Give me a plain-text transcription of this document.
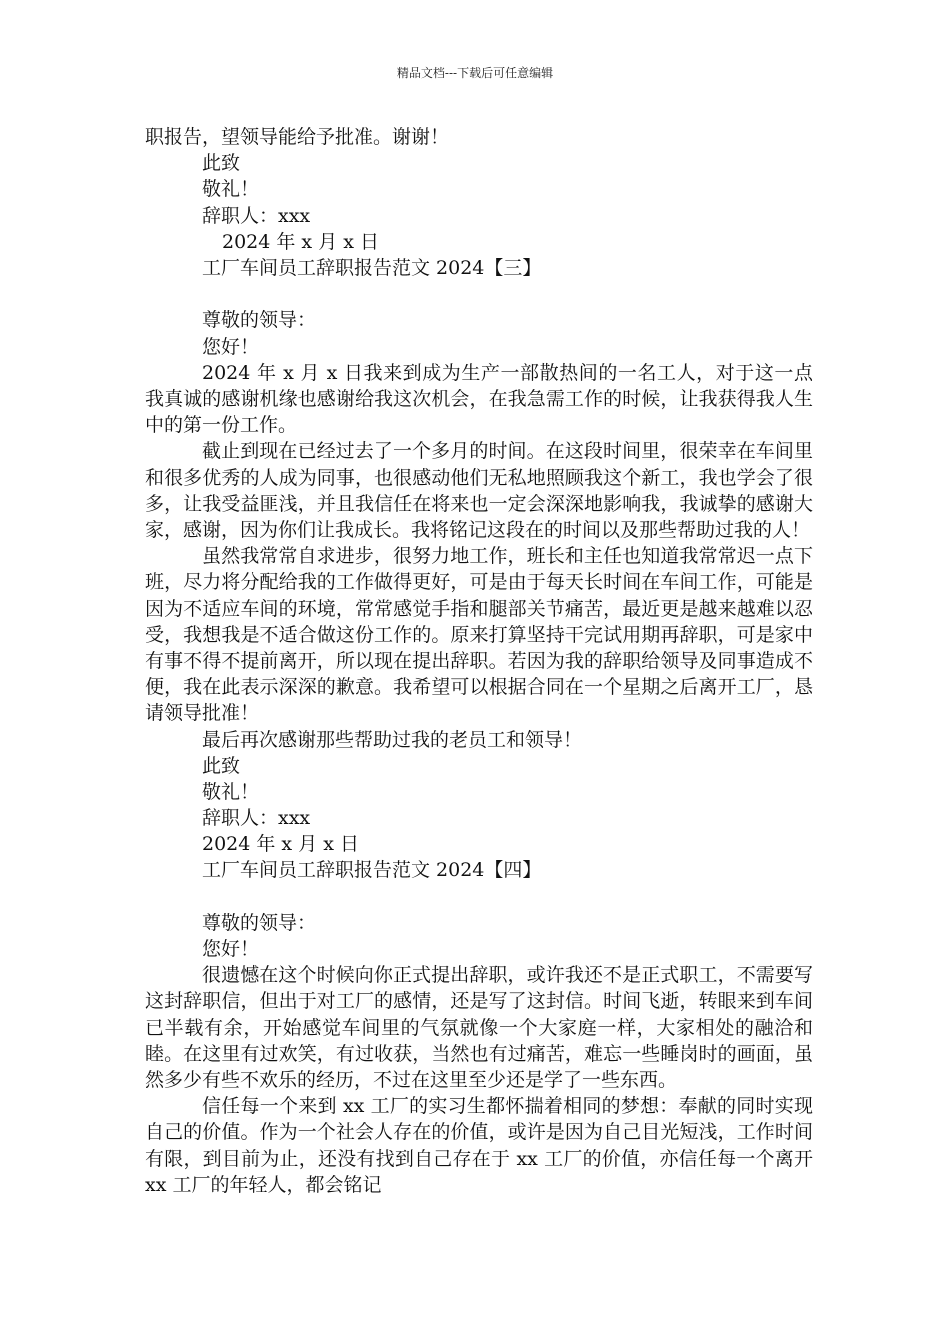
精品文档---下载后可任意编辑
职报告，望领导能给予批准。谢谢！
此致
敬礼！
辞职人：xxx
2024 年 x 月 x 日
工厂车间员工辞职报告范文 2024【三】
尊敬的领导：
您好！

2024 年 x 月 x 日我来到成为生产一部散热间的一名工人，对于这一点我真诚的感谢机缘也感谢给我这次机会，在我急需工作的时候，让我获得我人生中的第一份工作。

截止到现在已经过去了一个多月的时间。在这段时间里，很荣幸在车间里和很多优秀的人成为同事，也很感动他们无私地照顾我这个新工，我也学会了很多，让我受益匪浅，并且我信任在将来也一定会深深地影响我，我诚挚的感谢大家，感谢，因为你们让我成长。我将铭记这段在的时间以及那些帮助过我的人！

虽然我常常自求进步，很努力地工作，班长和主任也知道我常常迟一点下班，尽力将分配给我的工作做得更好，可是由于每天长时间在车间工作，可能是因为不适应车间的环境，常常感觉手指和腿部关节痛苦，最近更是越来越难以忍受，我想我是不适合做这份工作的。原来打算坚持干完试用期再辞职，可是家中有事不得不提前离开，所以现在提出辞职。若因为我的辞职给领导及同事造成不便，我在此表示深深的歉意。我希望可以根据合同在一个星期之后离开工厂，恳请领导批准！

最后再次感谢那些帮助过我的老员工和领导！
此致
敬礼！
辞职人：xxx
2024 年 x 月 x 日
工厂车间员工辞职报告范文 2024【四】
尊敬的领导：
您好！

很遗憾在这个时候向你正式提出辞职，或许我还不是正式职工，不需要写这封辞职信，但出于对工厂的感情，还是写了这封信。时间飞逝，转眼来到车间已半载有余，开始感觉车间里的气氛就像一个大家庭一样，大家相处的融洽和睦。在这里有过欢笑，有过收获，当然也有过痛苦，难忘一些睡岗时的画面，虽然多少有些不欢乐的经历，不过在这里至少还是学了一些东西。

信任每一个来到 xx 工厂的实习生都怀揣着相同的梦想：奉献的同时实现自己的价值。作为一个社会人存在的价值，或许是因为自己目光短浅，工作时间有限，到目前为止，还没有找到自己存在于 xx 工厂的价值，亦信任每一个离开 xx 工厂的年轻人，都会铭记
